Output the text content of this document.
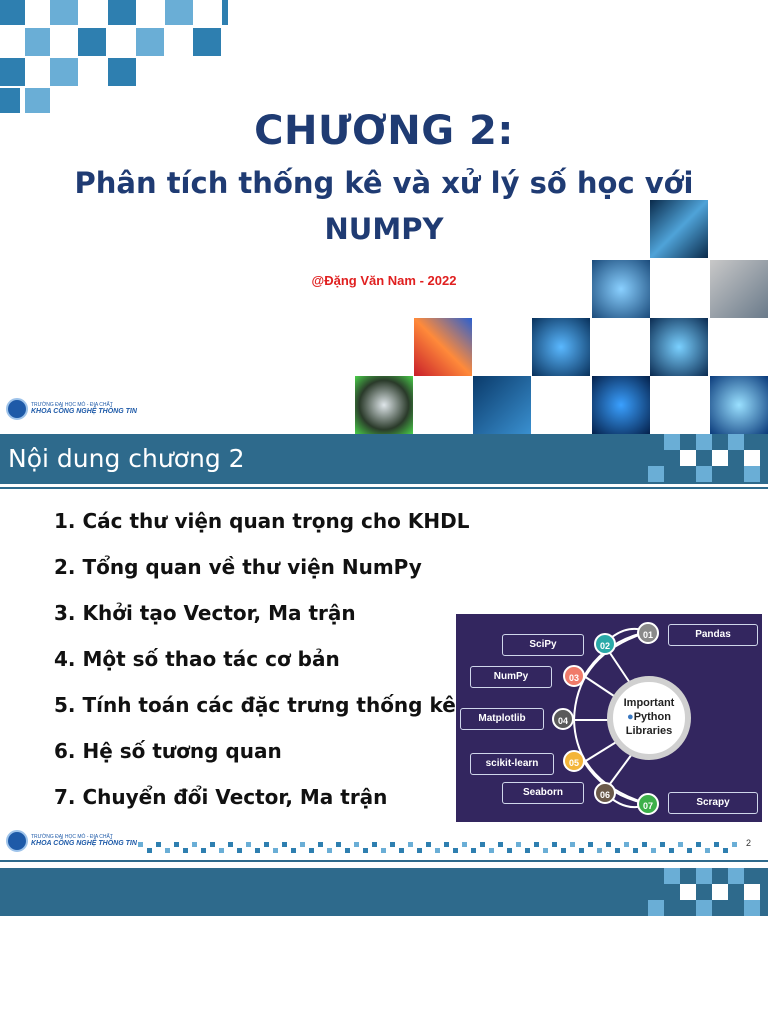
CHƯƠNG 2:
Phân tích thống kê và xử lý số học với
NUMPY
@Đặng Văn Nam - 2022
TRƯỜNG ĐẠI HỌC MỎ - ĐỊA CHẤT
KHOA CÔNG NGHỆ THÔNG TIN
Nội dung chương 2
1. Các thư viện quan trọng cho KHDL
2. Tổng quan về thư viện NumPy
3. Khởi tạo Vector, Ma trận
4. Một số thao tác cơ bản
5. Tính toán các đặc trưng thống kê
6. Hệ số tương quan
7. Chuyển đổi Vector, Ma trận
SciPy
Pandas
NumPy
Matplotlib
scikit-learn
Seaborn
Scrapy
01
02
03
04
05
06
07
Important
●Python
Libraries
TRƯỜNG ĐẠI HỌC MỎ - ĐỊA CHẤT
KHOA CÔNG NGHỆ THÔNG TIN	2
